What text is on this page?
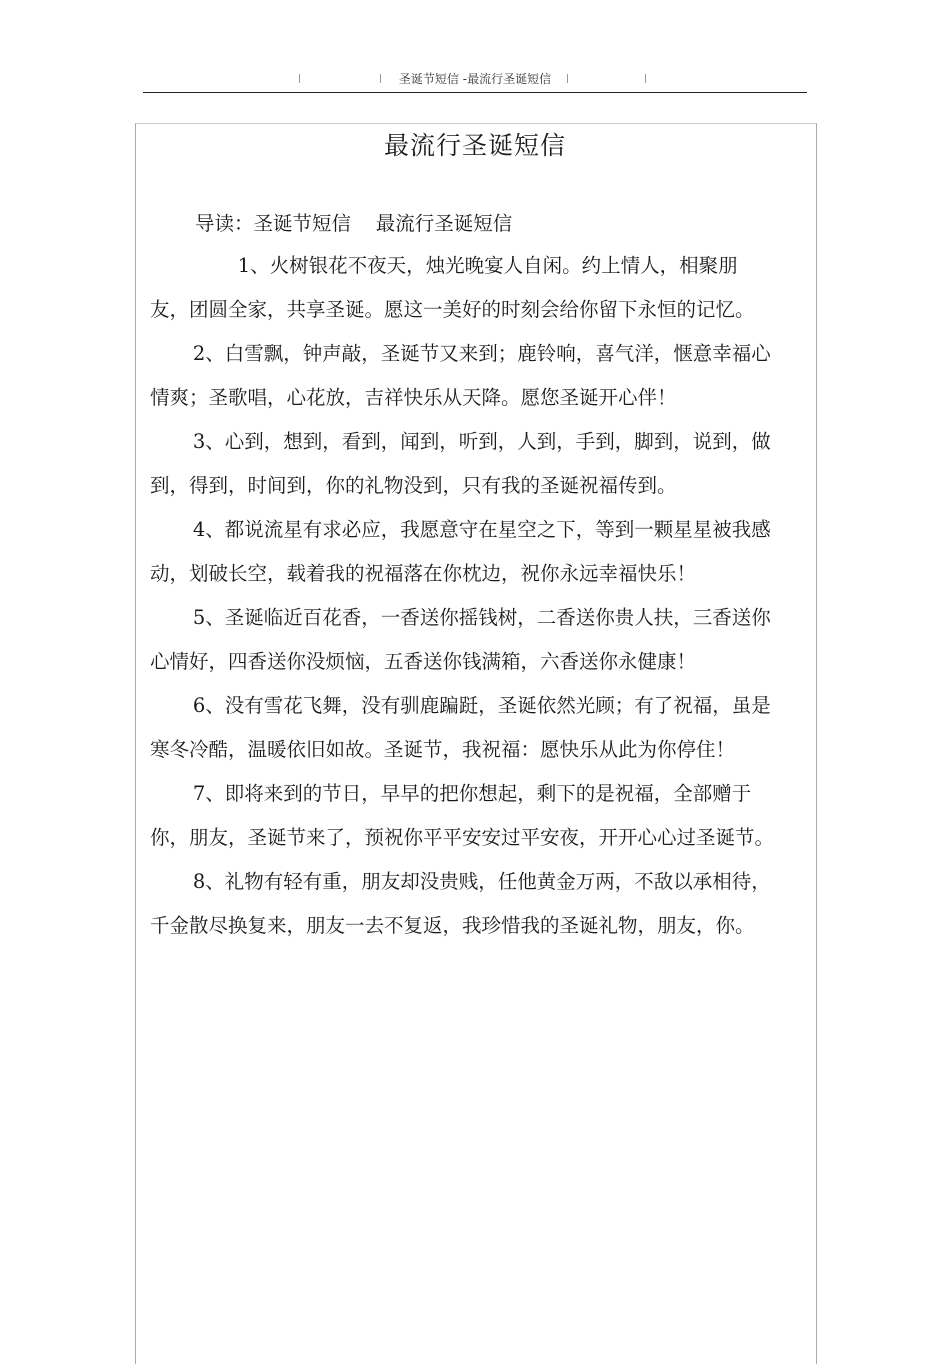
圣诞节短信 -最流行圣诞短信
最流行圣诞短信
导读：圣诞节短信    最流行圣诞短信

1、火树银花不夜天，烛光晚宴人自闲。约上情人，相聚朋友，团圆全家，共享圣诞。愿这一美好的时刻会给你留下永恒的记忆。

2、白雪飘，钟声敲，圣诞节又来到；鹿铃响，喜气洋，惬意幸福心情爽；圣歌唱，心花放，吉祥快乐从天降。愿您圣诞开心伴！

3、心到，想到，看到，闻到，听到，人到，手到，脚到，说到，做到，得到，时间到，你的礼物没到，只有我的圣诞祝福传到。

4、都说流星有求必应，我愿意守在星空之下，等到一颗星星被我感动，划破长空，载着我的祝福落在你枕边，祝你永远幸福快乐！

5、圣诞临近百花香，一香送你摇钱树，二香送你贵人扶，三香送你心情好，四香送你没烦恼，五香送你钱满箱，六香送你永健康！

6、没有雪花飞舞，没有驯鹿蹁跹，圣诞依然光顾；有了祝福，虽是寒冬冷酷，温暖依旧如故。圣诞节，我祝福：愿快乐从此为你停住！

7、即将来到的节日，早早的把你想起，剩下的是祝福，全部赠于你，朋友，圣诞节来了，预祝你平平安安过平安夜，开开心心过圣诞节。

8、礼物有轻有重，朋友却没贵贱，任他黄金万两，不敌以承相待，千金散尽换复来，朋友一去不复返，我珍惜我的圣诞礼物，朋友，你。
